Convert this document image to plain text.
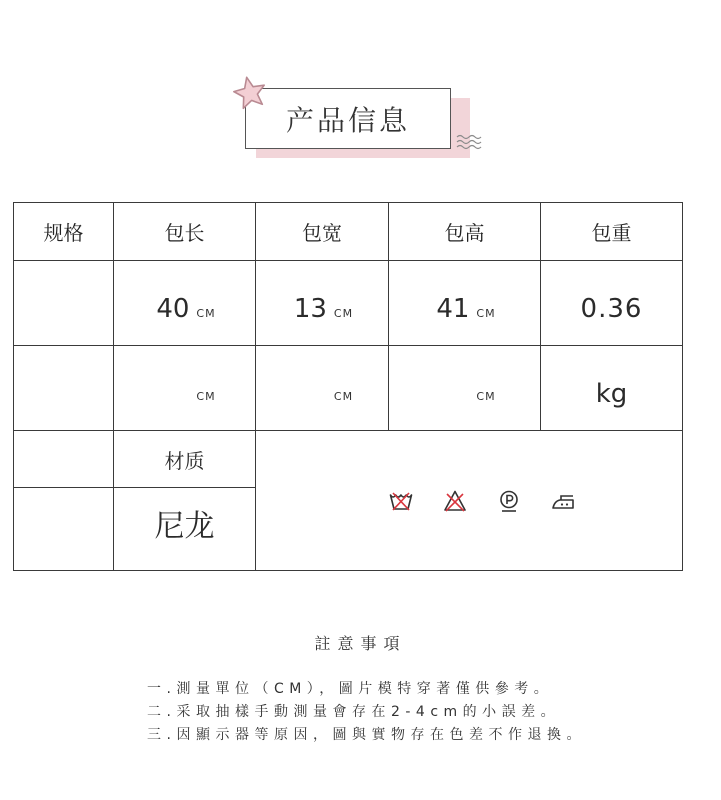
产品信息
规格	包长	包宽	包高	包重
	40 CM	13 CM	41 CM	0.36
	CM	CM	CM	kg
	材质	

	尼龙			
註意事項
一.測量單位（CM），圖片模特穿著僅供參考。
二.采取抽樣手動測量會存在2-4cm的小誤差。
三.因顯示器等原因，圖與實物存在色差不作退換。
